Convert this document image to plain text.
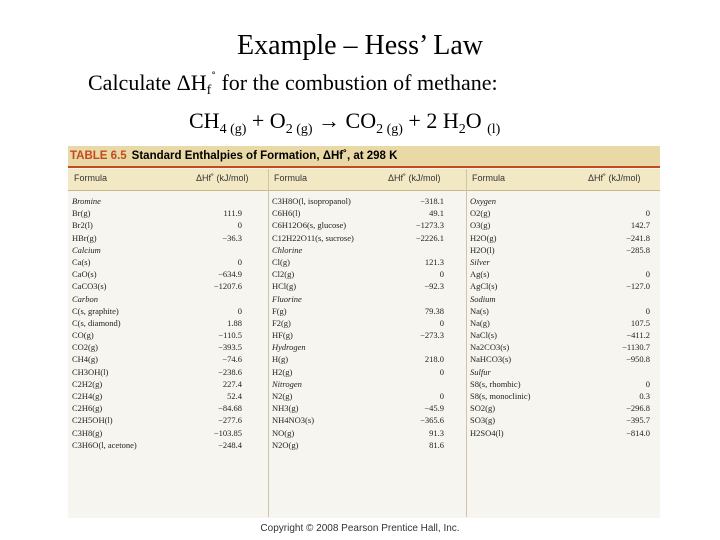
Example – Hess’ Law
Calculate $\Delta H_f^˚$ for the combustion of methane:
$CH_{4 (g)} + O_{2 (g)} \to CO_{2 (g)} + 2$ $H_2O$ $_{(l)}$
TABLE 6.5 Standard Enthalpies of Formation, ΔHf˚, at 298 K
Formula	ΔHf˚ (kJ/mol)	Formula	ΔHf˚ (kJ/mol)	Formula	ΔHf˚ (kJ/mol)
Bromine
Br(g)	111.9
Br2(l)	0
HBr(g)	−36.3
Calcium
Ca(s)	0
CaO(s)	−634.9
CaCO3(s)	−1207.6
Carbon
C(s, graphite)	0
C(s, diamond)	1.88
CO(g)	−110.5
CO2(g)	−393.5
CH4(g)	−74.6
CH3OH(l)	−238.6
C2H2(g)	227.4
C2H4(g)	52.4
C2H6(g)	−84.68
C2H5OH(l)	−277.6
C3H8(g)	−103.85
C3H6O(l, acetone)	−248.4
C3H8O(l, isopropanol)	−318.1
C6H6(l)	49.1
C6H12O6(s, glucose)	−1273.3
C12H22O11(s, sucrose)	−2226.1
Chlorine
Cl(g)	121.3
Cl2(g)	0
HCl(g)	−92.3
Fluorine
F(g)	79.38
F2(g)	0
HF(g)	−273.3
Hydrogen
H(g)	218.0
H2(g)	0
Nitrogen
N2(g)	0
NH3(g)	−45.9
NH4NO3(s)	−365.6
NO(g)	91.3
N2O(g)	81.6
Oxygen
O2(g)	0
O3(g)	142.7
H2O(g)	−241.8
H2O(l)	−285.8
Silver
Ag(s)	0
AgCl(s)	−127.0
Sodium
Na(s)	0
Na(g)	107.5
NaCl(s)	−411.2
Na2CO3(s)	−1130.7
NaHCO3(s)	−950.8
Sulfur
S8(s, rhombic)	0
S8(s, monoclinic)	0.3
SO2(g)	−296.8
SO3(g)	−395.7
H2SO4(l)	−814.0
Copyright © 2008 Pearson Prentice Hall, Inc.
